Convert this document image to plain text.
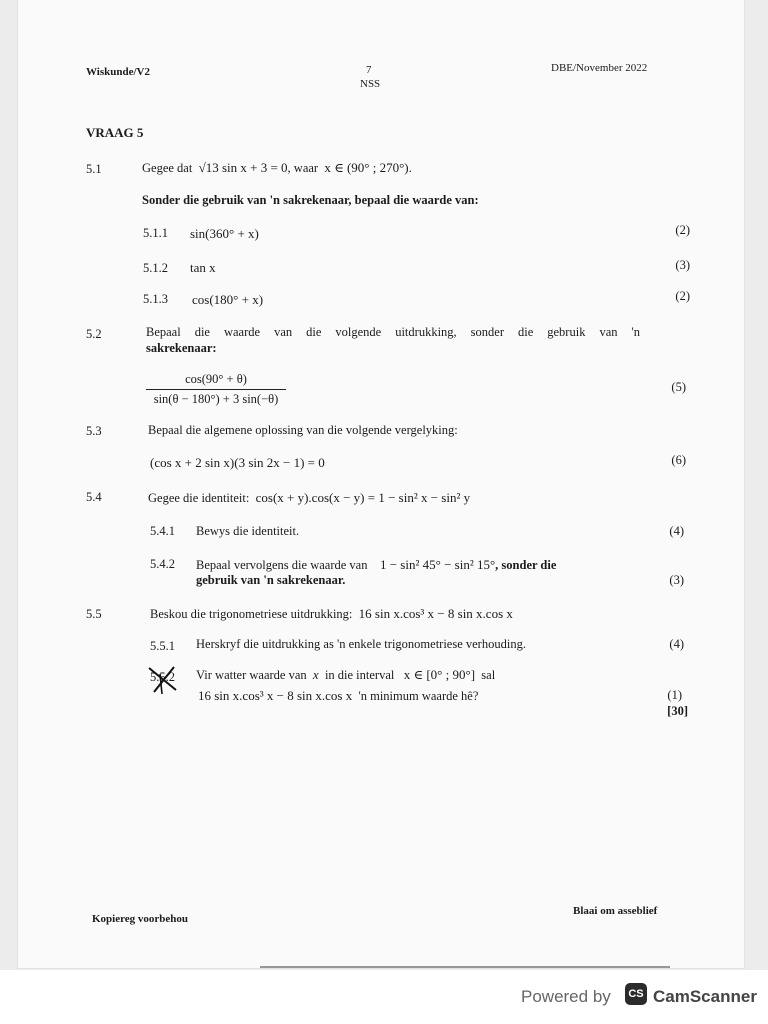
Wiskunde/V2	7
NSS
DBE/November 2022
VRAAG 5
5.1	Gegee dat √13 sin x + 3 = 0, waar x ∈ (90° ; 270°).
Sonder die gebruik van 'n sakrekenaar, bepaal die waarde van:
5.1.1 sin(360° + x)	(2)
5.1.2 tan x	(3)
5.1.3 cos(180° + x)	(2)
5.2	Bepaal die waarde van die volgende uitdrukking, sonder die gebruik van 'n
sakrekenaar:
cos(90° + θ)
sin(θ − 180°) + 3 sin(−θ)
(5)
5.3	Bepaal die algemene oplossing van die volgende vergelyking:
(cos x + 2 sin x)(3 sin 2x − 1) = 0	(6)
5.4	Gegee die identiteit: cos(x + y).cos(x − y) = 1 − sin² x − sin² y
5.4.1 Bewys die identiteit.	(4)
5.4.2 Bepaal vervolgens die waarde van 1 − sin² 45° − sin² 15°, sonder die
gebruik van 'n sakrekenaar.	(3)
5.5	Beskou die trigonometriese uitdrukking: 16 sin x.cos³ x − 8 sin x.cos x
5.5.1 Herskryf die uitdrukking as 'n enkele trigonometriese verhouding.	(4)
5.5.2 Vir watter waarde van x in die interval x ∈ [0° ; 90°] sal
16 sin x.cos³ x − 8 sin x.cos x 'n minimum waarde hê?	(1)
[30]
Kopiereg voorbehou
Blaai om asseblief
Powered by	CS CamScanner
